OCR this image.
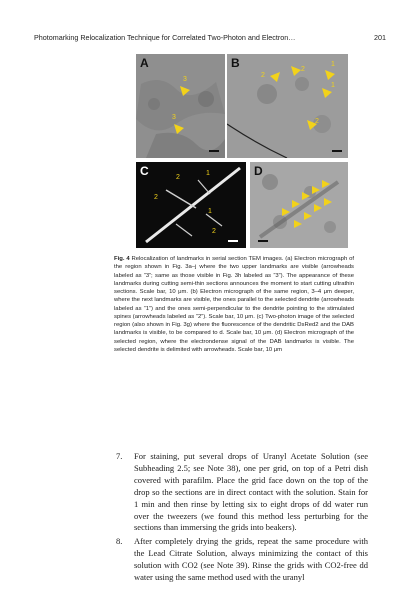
Photomarking Relocalization Technique for Correlated Two-Photon and Electron…	201
A
3
3
B
2
2
1
1
2
C	2
1
2
1
2
D
Fig. 4 Relocalization of landmarks in serial section TEM images. (a) Electron micrograph of the region shown in Fig. 3a–j where the two upper landmarks are visible (arrowheads labeled as “3”; same as those visible in Fig. 3h labeled as “3”). The appearance of these landmarks during cutting semi-thin sections announces the moment to start cutting ultrathin sections. Scale bar, 10 μm. (b) Electron micrograph of the same region, 3–4 μm deeper, where the next landmarks are visible, the ones parallel to the selected dendrite (arrowheads labeled as “1”) and the ones semi-perpendicular to the dendrite pointing to the stimulated spines (arrowheads labeled as “2”). Scale bar, 10 μm. (c) Two-photon image of the selected region (also shown in Fig. 3g) where the fluorescence of the dendritic DsRed2 and the DAB landmarks is visible, to be compared to d. Scale bar, 10 μm. (d) Electron micrograph of the selected region, where the electrondense signal of the DAB landmarks is visible. The selected dendrite is delimited with arrowheads. Scale bar, 10 μm
7. For staining, put several drops of Uranyl Acetate Solution (see Subheading 2.5; see Note 38), one per grid, on top of a Petri dish covered with parafilm. Place the grid face down on the top of the drop so the sections are in direct contact with the solution. Stain for 1 min and then rinse by letting six to eight drops of dd water run over the tweezers (we found this method less perturbing for the sections than immersing the grids into beakers).
8. After completely drying the grids, repeat the same procedure with the Lead Citrate Solution, always minimizing the contact of this solution with CO2 (see Note 39). Rinse the grids with CO2-free dd water using the same method used with the uranyl
